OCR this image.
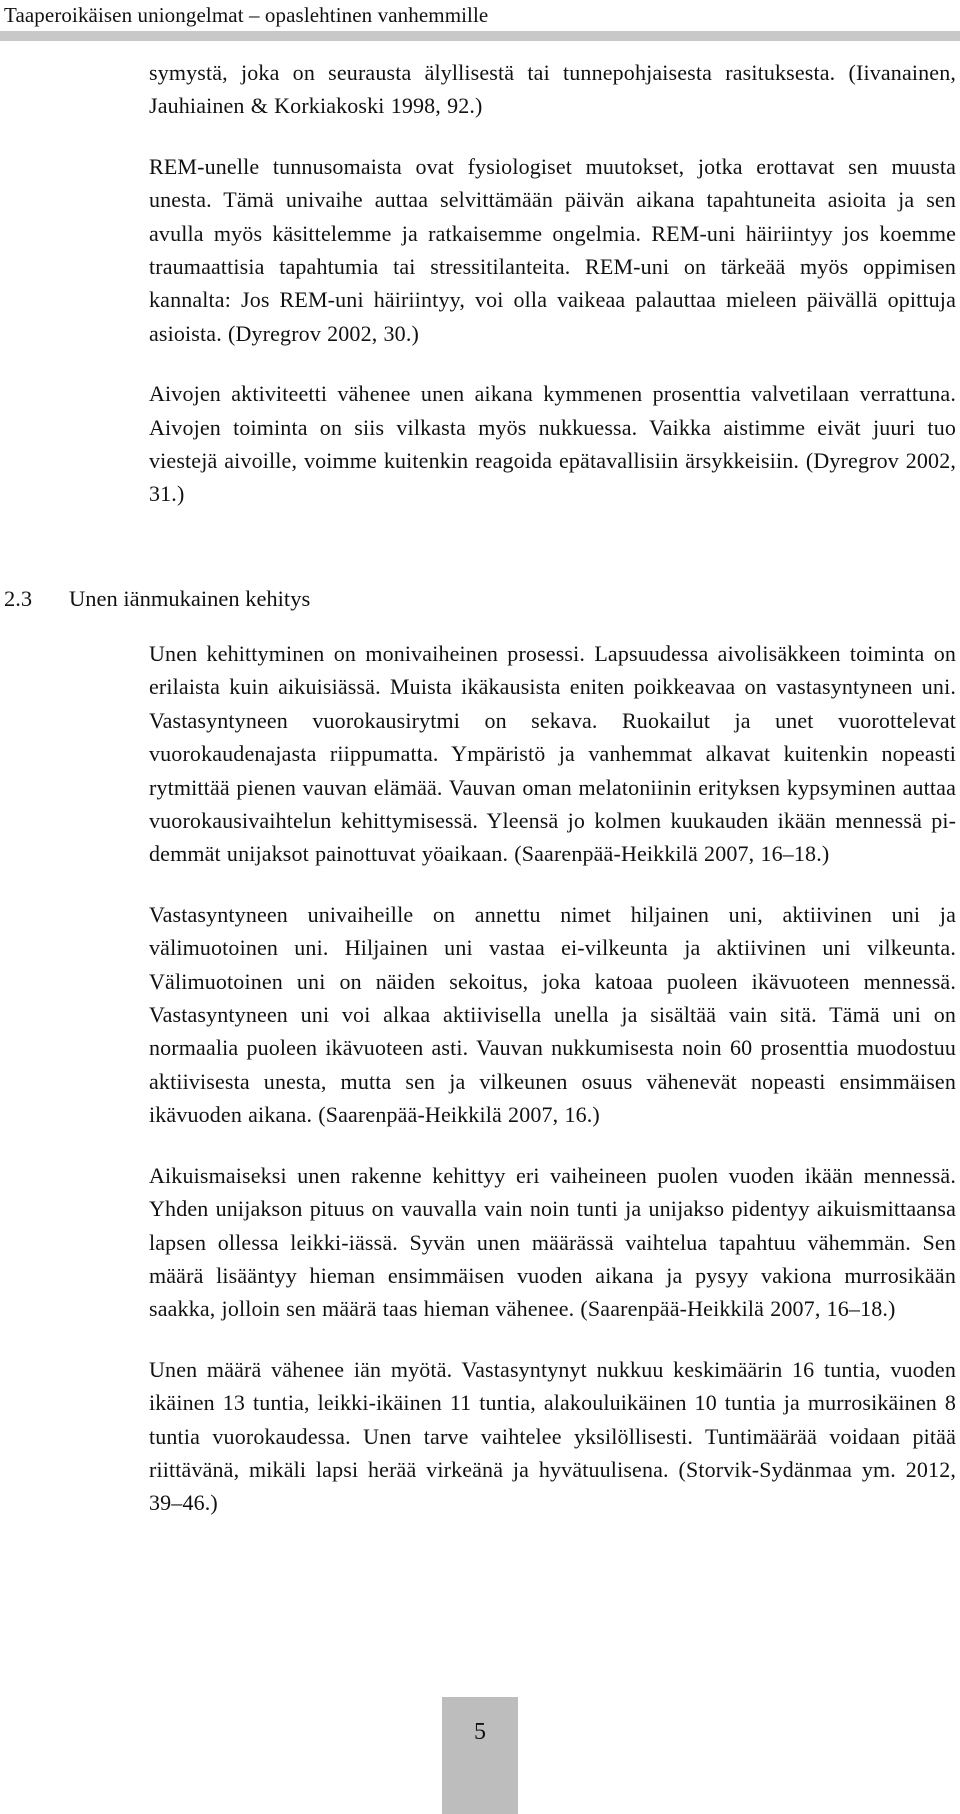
Taaperoikäisen uniongelmat – opaslehtinen vanhemmille

symystä, joka on seurausta älyllisestä tai tunnepohjaisesta rasituksesta. (Iivanainen, Jauhiainen & Korkiakoski 1998, 92.)

REM-unelle tunnusomaista ovat fysiologiset muutokset, jotka erottavat sen muusta unesta. Tämä univaihe auttaa selvittämään päivän aikana tapahtuneita asioita ja sen avulla myös käsittelemme ja ratkaisemme ongelmia. REM-uni häiriintyy jos koemme traumaattisia tapahtumia tai stressitilanteita. REM-uni on tärkeää myös oppimisen kannalta: Jos REM-uni häiriintyy, voi olla vaikeaa palauttaa mieleen päivällä opittuja asioista. (Dyregrov 2002, 30.)

Aivojen aktiviteetti vähenee unen aikana kymmenen prosenttia valvetilaan verrattuna. Aivojen toiminta on siis vilkasta myös nukkuessa. Vaikka aistimme eivät juuri tuo viestejä aivoille, voimme kuitenkin reagoida epätavallisiin ärsykkeisiin. (Dyregrov 2002, 31.)

2.3 Unen iänmukainen kehitys

Unen kehittyminen on monivaiheinen prosessi. Lapsuudessa aivolisäkkeen toiminta on erilaista kuin aikuisiässä. Muista ikäkausista eniten poikkeavaa on vastasyntyneen uni. Vastasyntyneen vuorokausirytmi on sekava. Ruokailut ja unet vuorottelevat vuorokaudenajasta riippumatta. Ympäristö ja vanhemmat alkavat kuitenkin nopeasti rytmittää pienen vauvan elämää. Vauvan oman melatoniinin erityksen kypsyminen auttaa vuorokausivaihtelun kehittymisessä. Yleensä jo kolmen kuukauden ikään mennessä pidemmät unijaksot painottuvat yöaikaan. (Saarenpää-Heikkilä 2007, 16–18.)

Vastasyntyneen univaiheille on annettu nimet hiljainen uni, aktiivinen uni ja välimuotoinen uni. Hiljainen uni vastaa ei-vilkeunta ja aktiivinen uni vilkeunta. Välimuotoinen uni on näiden sekoitus, joka katoaa puoleen ikävuoteen mennessä. Vastasyntyneen uni voi alkaa aktiivisella unella ja sisältää vain sitä. Tämä uni on normaalia puoleen ikävuoteen asti. Vauvan nukkumisesta noin 60 prosenttia muodostuu aktiivisesta unesta, mutta sen ja vilkeunen osuus vähenevät nopeasti ensimmäisen ikävuoden aikana. (Saarenpää-Heikkilä 2007, 16.)

Aikuismaiseksi unen rakenne kehittyy eri vaiheineen puolen vuoden ikään mennessä. Yhden unijakson pituus on vauvalla vain noin tunti ja unijakso pidentyy aikuismittaansa lapsen ollessa leikki-iässä. Syvän unen määrässä vaihtelua tapahtuu vähemmän. Sen määrä lisääntyy hieman ensimmäisen vuoden aikana ja pysyy vakiona murrosikään saakka, jolloin sen määrä taas hieman vähenee. (Saarenpää-Heikkilä 2007, 16–18.)

Unen määrä vähenee iän myötä. Vastasyntynyt nukkuu keskimäärin 16 tuntia, vuoden ikäinen 13 tuntia, leikki-ikäinen 11 tuntia, alakouluikäinen 10 tuntia ja murrosikäinen 8 tuntia vuorokaudessa. Unen tarve vaihtelee yksilöllisesti. Tuntimäärää voidaan pitää riittävänä, mikäli lapsi herää virkeänä ja hyvätuulisena. (Storvik-Sydänmaa ym. 2012, 39–46.)

5
